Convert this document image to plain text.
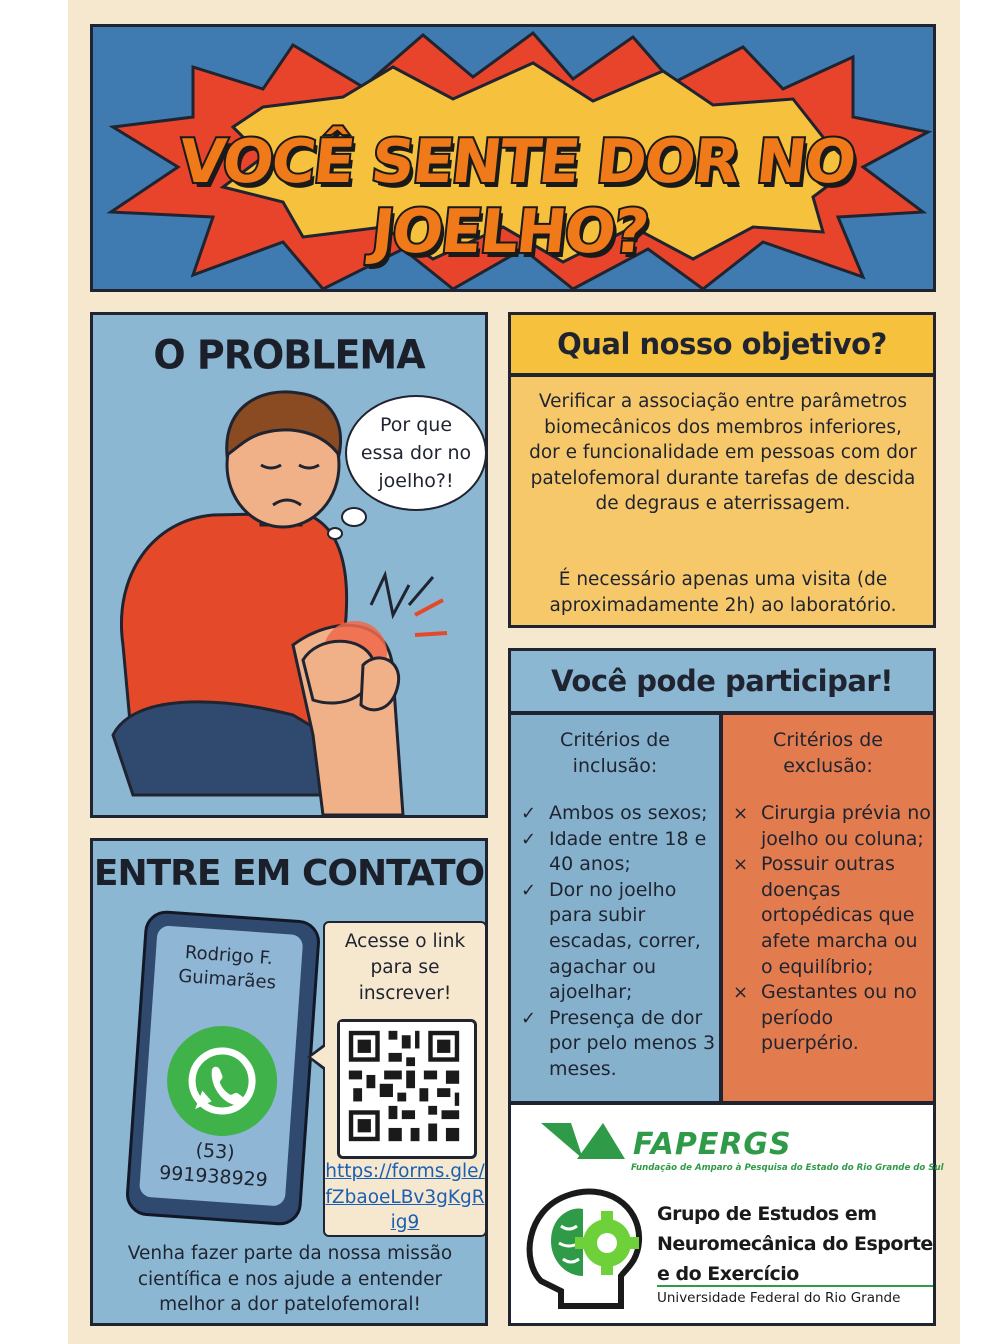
VOCÊ SENTE DOR NO JOELHO?
O PROBLEMA
Por que essa dor no joelho?!
Qual nosso objetivo?

Verificar a associação entre parâmetros biomecânicos dos membros inferiores, dor e funcionalidade em pessoas com dor patelofemoral durante tarefas de descida de degraus e aterrissagem.

É necessário apenas uma visita (de aproximadamente 2h) ao laboratório.

Você pode participar!
Critérios de inclusão:
✓ Ambos os sexos;
✓ Idade entre 18 e 40 anos;
✓ Dor no joelho para subir escadas, correr, agachar ou ajoelhar;
✓ Presença de dor por pelo menos 3 meses.
Critérios de exclusão:
× Cirurgia prévia no joelho ou coluna;
× Possuir outras doenças ortopédicas que afete marcha ou o equilíbrio;
× Gestantes ou no período puerpério.
FAPERGS
Fundação de Amparo à Pesquisa do Estado do Rio Grande do Sul
Grupo de Estudos em Neuromecânica do Esporte e do Exercício
Universidade Federal do Rio Grande
ENTRE EM CONTATO
Rodrigo F. Guimarães
(53) 991938929
Acesse o link para se inscrever!
https://forms.gle/fZbaoeLBv3gKgRig9
Venha fazer parte da nossa missão científica e nos ajude a entender melhor a dor patelofemoral!
